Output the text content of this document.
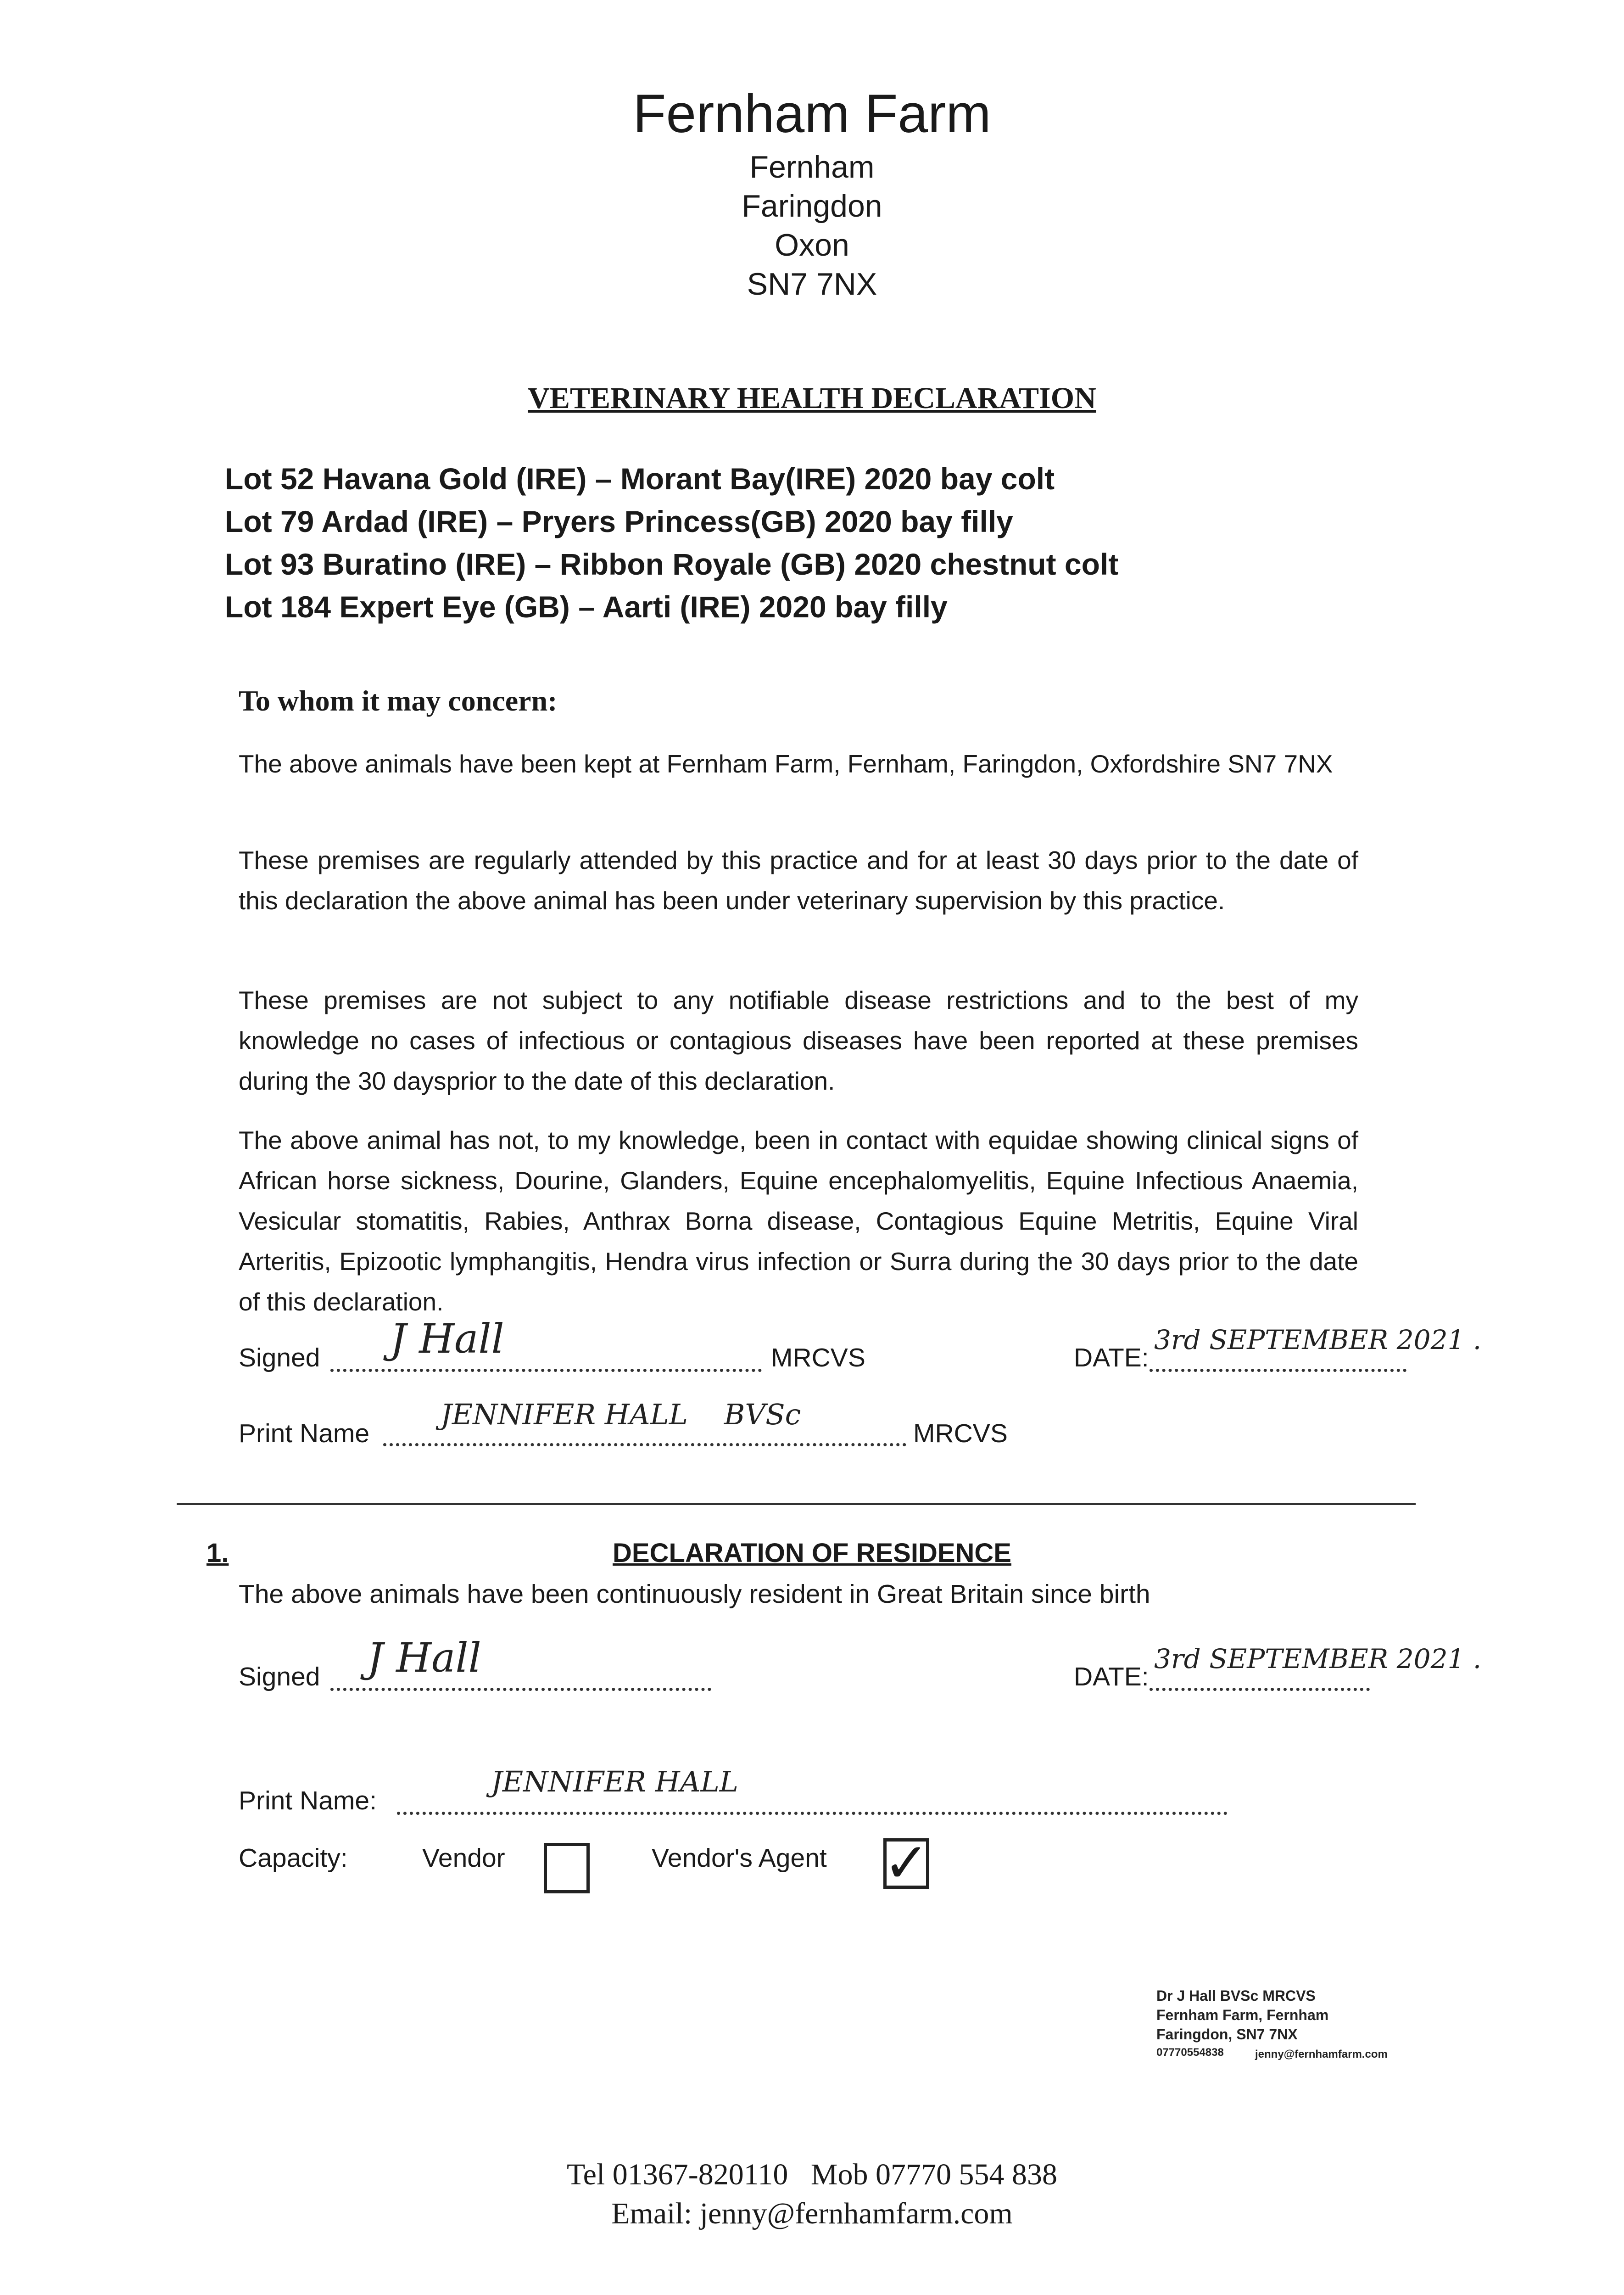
Fernham Farm
Fernham
Faringdon
Oxon
SN7 7NX
VETERINARY HEALTH DECLARATION
Lot 52 Havana Gold (IRE) – Morant Bay(IRE) 2020 bay colt
Lot 79 Ardad (IRE) – Pryers Princess(GB) 2020 bay filly
Lot 93 Buratino (IRE) – Ribbon Royale (GB) 2020 chestnut colt
Lot 184 Expert Eye (GB) – Aarti (IRE) 2020 bay filly
To whom it may concern:
The above animals have been kept at Fernham Farm, Fernham, Faringdon, Oxfordshire SN7 7NX
These premises are regularly attended by this practice and for at least 30 days prior to the date of this declaration the above animal has been under veterinary supervision by this practice.
These premises are not subject to any notifiable disease restrictions and to the best of my knowledge no cases of infectious or contagious diseases have been reported at these premises during the 30 daysprior to the date of this declaration.
The above animal has not, to my knowledge, been in contact with equidae showing clinical signs of African horse sickness, Dourine, Glanders, Equine encephalomyelitis, Equine Infectious Anaemia, Vesicular stomatitis, Rabies, Anthrax Borna disease, Contagious Equine Metritis, Equine Viral Arteritis, Epizootic lymphangitis, Hendra virus infection or Surra during the 30 days prior to the date of this declaration.
Signed J Hall	MRCVS	DATE:
3rd SEPTEMBER 2021 .
Print Name
JENNIFER HALL    BVSc
MRCVS
1.	DECLARATION OF RESIDENCE
The above animals have been continuously resident in Great Britain since birth
Signed J Hall	DATE:
3rd SEPTEMBER 2021 .
Print Name:
JENNIFER HALL
Capacity:	Vendor	Vendor's Agent ✓
Dr J Hall BVSc MRCVS
Fernham Farm, Fernham
Faringdon, SN7 7NX
07770554838	jenny@fernhamfarm.com
Tel 01367-820110   Mob 07770 554 838
Email: jenny@fernhamfarm.com
